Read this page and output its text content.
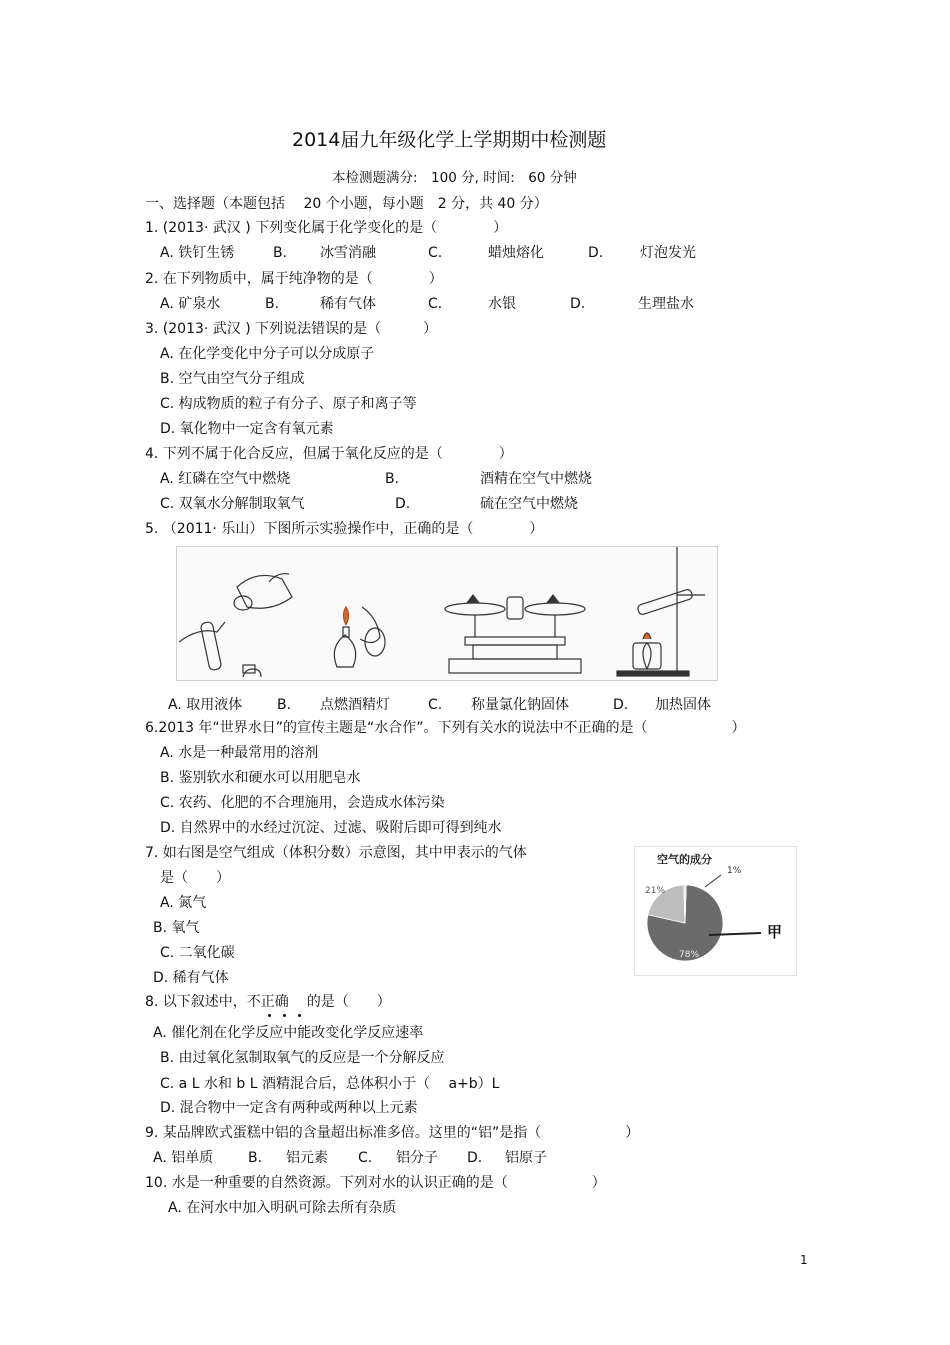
2014届九年级化学上学期期中检测题
本检测题满分:　100 分, 时间:　60 分钟
一、选择题（本题包括　 20 个小题，每小题　2 分，共 40 分）
1. (2013· 武汉 ) 下列变化属于化学变化的是（　　　　）
A. 铁钉生锈	B. 冰雪消融	C.	蜡烛熔化	D.	灯泡发光
2. 在下列物质中，属于纯净物的是（　　　　）
A. 矿泉水	B.	稀有气体	C.	水银	D.	生理盐水
3. (2013· 武汉 ) 下列说法错误的是（　　　）
A. 在化学变化中分子可以分成原子
B. 空气由空气分子组成
C. 构成物质的粒子有分子、原子和离子等
D. 氧化物中一定含有氧元素
4. 下列不属于化合反应，但属于氧化反应的是（　　　　）
A. 红磷在空气中燃烧	B.	酒精在空气中燃烧
C. 双氧水分解制取氧气	D.	硫在空气中燃烧
5. （2011· 乐山）下图所示实验操作中，正确的是（　　　　）
A. 取用液体 B. 点燃酒精灯	C. 称量氯化钠固体	D. 加热固体
6.2013 年“世界水日”的宣传主题是“水合作”。下列有关水的说法中不正确的是（　　　　　　）
A. 水是一种最常用的溶剂
B. 鉴别软水和硬水可以用肥皂水
C. 农药、化肥的不合理施用，会造成水体污染
D. 自然界中的水经过沉淀、过滤、吸附后即可得到纯水
7. 如右图是空气组成（体积分数）示意图，其中甲表示的气体
是（　　）
A. 氮气
B. 氧气
C. 二氧化碳
D. 稀有气体
空气的成分
1%
21%
78%
甲
8. 以下叙述中，不正确 的是（　　）
A. 催化剂在化学反应中能改变化学反应速率
B. 由过氧化氢制取氧气的反应是一个分解反应
C. a L 水和 b L 酒精混合后，总体积小于（　 a+b）L
D. 混合物中一定含有两种或两种以上元素
9. 某品牌欧式蛋糕中铝的含量超出标准多倍。这里的“铝”是指（　　　　　　）
A. 铝单质 B. 铝元素 C. 铝分子 D. 铝原子
10. 水是一种重要的自然资源。下列对水的认识正确的是（　　　　　　）
A. 在河水中加入明矾可除去所有杂质
1
